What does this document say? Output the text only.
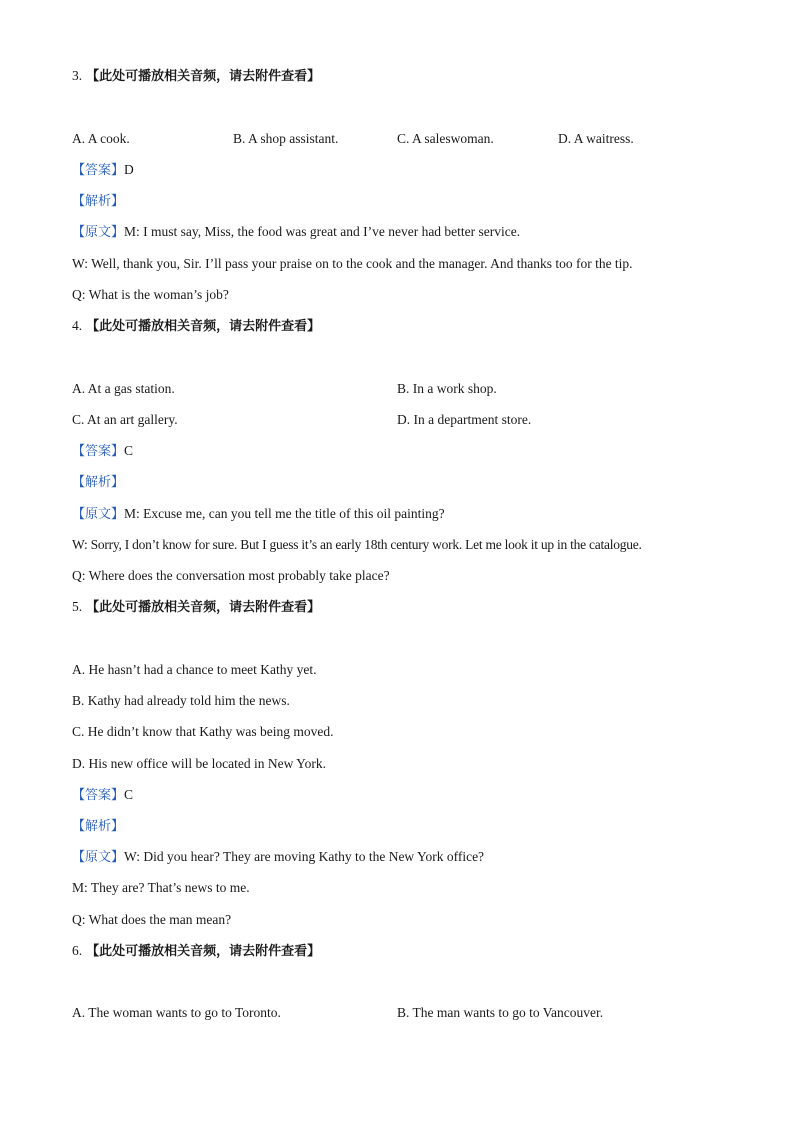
3. 【此处可播放相关音频，请去附件查看】
A. A cook.	B. A shop assistant.	C. A saleswoman.	D. A waitress.
【答案】D
【解析】
【原文】M: I must say, Miss, the food was great and I’ve never had better service.
W: Well, thank you, Sir. I’ll pass your praise on to the cook and the manager. And thanks too for the tip.
Q: What is the woman’s job?
4. 【此处可播放相关音频，请去附件查看】
A. At a gas station.	B. In a work shop.
C. At an art gallery.	D. In a department store.
【答案】C
【解析】
【原文】M: Excuse me, can you tell me the title of this oil painting?
W: Sorry, I don’t know for sure. But I guess it’s an early 18th century work. Let me look it up in the catalogue.
Q: Where does the conversation most probably take place?
5. 【此处可播放相关音频，请去附件查看】
A. He hasn’t had a chance to meet Kathy yet.
B. Kathy had already told him the news.
C. He didn’t know that Kathy was being moved.
D. His new office will be located in New York.
【答案】C
【解析】
【原文】W: Did you hear? They are moving Kathy to the New York office?
M: They are? That’s news to me.
Q: What does the man mean?
6. 【此处可播放相关音频，请去附件查看】
A. The woman wants to go to Toronto.	B. The man wants to go to Vancouver.
